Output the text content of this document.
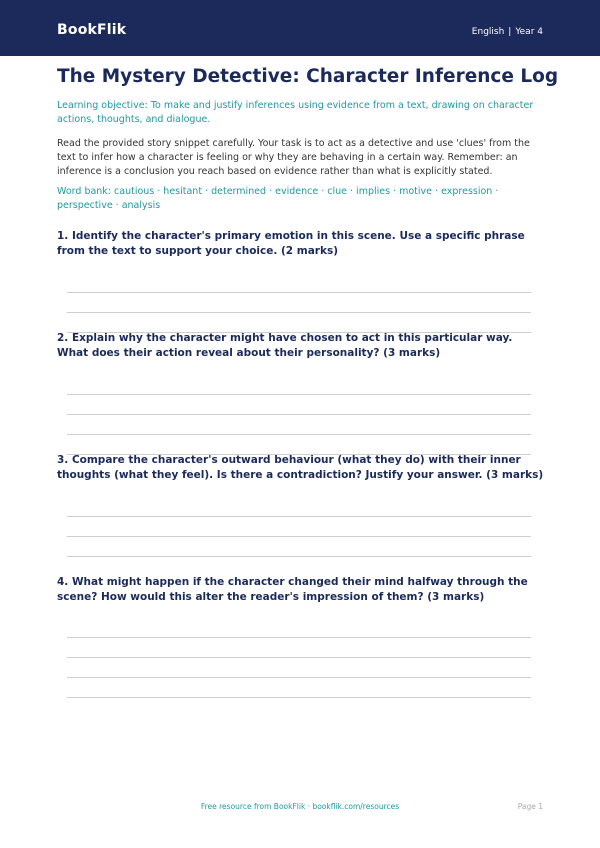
BookFlik	English | Year 4
The Mystery Detective: Character Inference Log

Learning objective: To make and justify inferences using evidence from a text, drawing on character actions, thoughts, and dialogue.

Read the provided story snippet carefully. Your task is to act as a detective and use 'clues' from the text to infer how a character is feeling or why they are behaving in a certain way. Remember: an inference is a conclusion you reach based on evidence rather than what is explicitly stated.

Word bank: cautious · hesitant · determined · evidence · clue · implies · motive · expression · perspective · analysis

1. Identify the character's primary emotion in this scene. Use a specific phrase from the text to support your choice. (2 marks)

2. Explain why the character might have chosen to act in this particular way. What does their action reveal about their personality? (3 marks)

3. Compare the character's outward behaviour (what they do) with their inner thoughts (what they feel). Is there a contradiction? Justify your answer. (3 marks)

4. What might happen if the character changed their mind halfway through the scene? How would this alter the reader's impression of them? (3 marks)

Free resource from BookFlik · bookflik.com/resources	Page 1
